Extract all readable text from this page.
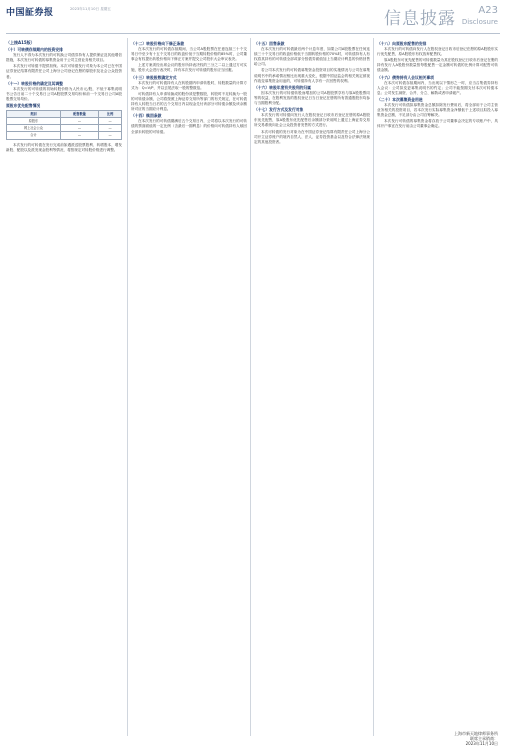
中国証券报	2023年11月10日 星期五	信息披露 A23
Disclosure
（上接A15版）
（十）可转债存续期内的投资安排

发行人不得为本次发行的可转换公司债券持有人提供保证及其他增信措施，本次发行可转债的募集资金用于公司主营业务相关项目。

本次发行可转债不提供担保。本次可转债发行对象为本公司已在中国证券登记结算有限责任公司上海分公司登记在册的原股东及社会公众投资者。

（十一）转股价格的确定及其调整

本次发行的可转债的初始转股价格为人民币元/股，不低于募集说明书公告日前二十个交易日公司A股股票交易均价和前一个交易日公司A股股票交易均价。

原股东优先配售情况
类别	配售数量	比例
原股东	—	—
网上社会公众	—	—
合计	—	—

本次发行的可转债在发行完成前如遇派送股票股利、转增股本、增发新股、配股以及派发现金股利等情况，将按规定对转股价格进行调整。

（十二）转股价格向下修正条款

在本次发行的可转债存续期间，当公司A股股票在任意连续三十个交易日中至少有十五个交易日的收盘价低于当期转股价格的85%时，公司董事会有权提出转股价格向下修正方案并提交公司股东大会审议表决。

上述方案须经出席会议的股东所持表决权的三分之二以上通过方可实施，股东大会进行表决时，持有本次发行可转债的股东应当回避。

（十三）转股股数确定方式

本次发行的可转债持有人在转股期内申请转股时，转股数量的计算方式为：Q=V/P，并以去尾法取一股的整数倍。

可转债持有人申请转换成的股份须是整数股，转股时不足转换为一股的可转债余额，公司将按照上海证券交易所等部门的有关规定，在可转债持有人转股当日后的五个交易日内以现金兑付该部分可转债余额及该余额所对应的当期应计利息。

（十四）赎回条款

在本次发行的可转债期满后五个交易日内，公司将以本次发行的可转债的票面面值的一定比例（含最后一期利息）的价格向可转债持有人赎回全部未转股的可转债。

（十五）回售条款

在本次发行的可转债最后两个计息年度，如果公司A股股票在任何连续三十个交易日的收盘价格低于当期转股价格的70%时，可转债持有人有权将其持有的可转债全部或部分按债券面值加上当期应计利息的价格回售给公司。

若公司本次发行的可转债募集资金投资项目的实施情况与公司在募集说明书中的承诺情况相比出现重大变化，根据中国证监会的相关规定被视作改变募集资金用途的，可转债持有人享有一次回售的权利。

（十六）转股年度有关股利的归属

因本次发行的可转债转股而增加的公司A股股票享有与原A股股票同等的权益，在股利发放的股权登记日当日登记在册的所有普通股股东均参与当期股利分配。

（十七）发行方式及发行对象

本次发行的可转债向发行人在股权登记日收市后登记在册的原A股股东优先配售，原A股股东优先配售后余额部分采用网上通过上海证券交易所交易系统向社会公众投资者发售的方式进行。

本次可转债的发行对象为在中国证券登记结算有限责任公司上海分公司开立证券账户的境内自然人、法人、证券投资基金以及符合法律法规规定的其他投资者。

（十八）向原股东配售的安排

本次发行的可转债向发行人在股权登记日收市后登记在册的原A股股东实行优先配售，原A股股东有权放弃配售权。

原A股股东可优先配售的可转债数量为其在股权登记日收市后登记在册的持有发行人A股股份数量按每股配售一定金额可转债的比例计算可配售可转债金额。

（十九）债券持有人会议相关事项

在本次可转债存续期间内，当出现以下情形之一时，应当召集债券持有人会议：公司拟变更募集说明书的约定；公司不能按期支付本次可转债本息；公司发生减资、合并、分立、解散或者申请破产。

（二十）本次募集资金用途

本次发行可转债拟募集资金总额扣除发行费用后，将全部用于公司主营业务相关的投资项目，若本次发行实际募集资金净额低于上述项目拟投入募集资金总额，不足部分由公司自筹解决。

本次发行可转债的募集资金将存放于公司董事会决定的专项账户中，具体开户事宜在发行前由公司董事会确定。

上海市新天地律师事务所
联席主承销商：
2023年11月10日
